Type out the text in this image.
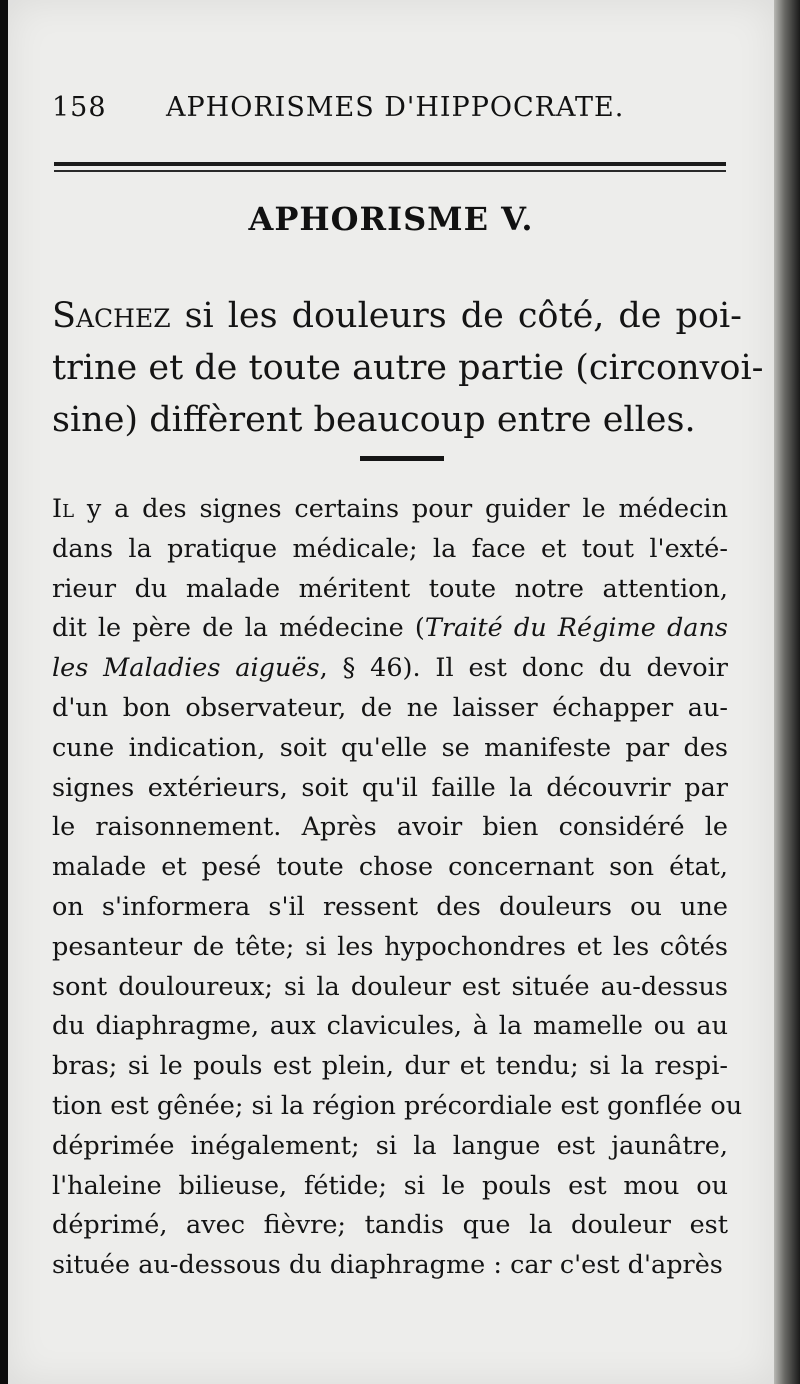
158 APHORISMES D'HIPPOCRATE.
APHORISME V.

Sachez si les douleurs de côté, de poi-
trine et de toute autre partie (circonvoi-
sine) diffèrent beaucoup entre elles.

Il y a des signes certains pour guider le médecin
dans la pratique médicale; la face et tout l'exté-
rieur du malade méritent toute notre attention,
dit le père de la médecine (Traité du Régime dans
les Maladies aiguës, § 46). Il est donc du devoir
d'un bon observateur, de ne laisser échapper au-
cune indication, soit qu'elle se manifeste par des
signes extérieurs, soit qu'il faille la découvrir par
le raisonnement. Après avoir bien considéré le
malade et pesé toute chose concernant son état,
on s'informera s'il ressent des douleurs ou une
pesanteur de tête; si les hypochondres et les côtés
sont douloureux; si la douleur est située au-dessus
du diaphragme, aux clavicules, à la mamelle ou au
bras; si le pouls est plein, dur et tendu; si la respi-
tion est gênée; si la région précordiale est gonflée ou
déprimée inégalement; si la langue est jaunâtre,
l'haleine bilieuse, fétide; si le pouls est mou ou
déprimé, avec fièvre; tandis que la douleur est
située au-dessous du diaphragme : car c'est d'après
